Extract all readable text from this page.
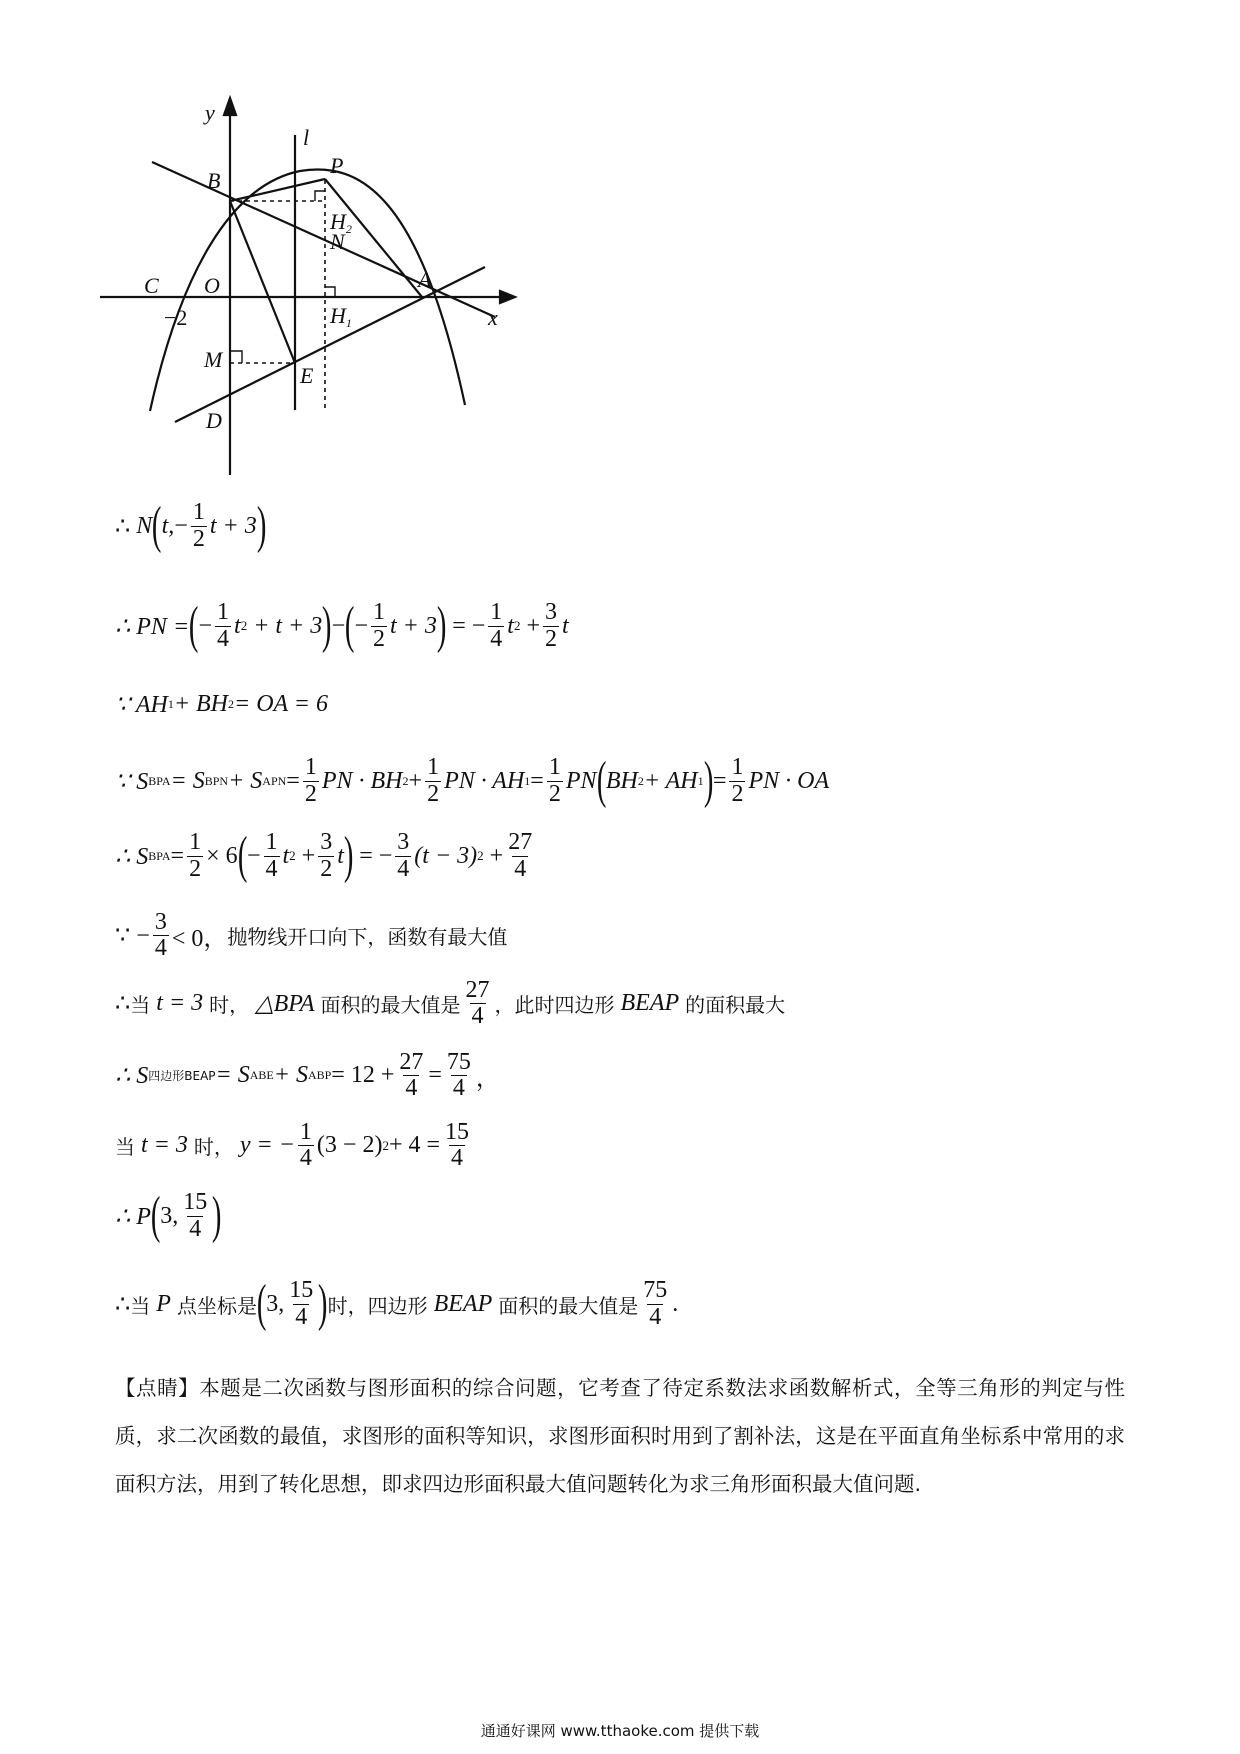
y
l
B
P
H2
N
C O	A
−2	H1	x
M
E
D
∴
N ( t, − $\frac{1}{2}$ t + 3 )
∴ PN = ( − $\frac{1}{4}$ t 2
+ t + 3 ) − ( − $\frac{1}{2}$ t + 3 )
= − $\frac{1}{4}$ t 2
+ $\frac{3}{2}$ t
∵ AH 1 + BH 2 = OA = 6
∵ S BPA = S BPN + S APN = $\frac{1}{2}$ PN · BH $2 + \frac{1}{2}$ PN · AH $1 = \frac{1}{2}$ PN ( BH 2 + AH 1 ) = $\frac{1}{2}$ PN · OA
∴ S BPA = $\frac{1}{2} \times 6$ ( − $\frac{1}{4}$ t 2
+ $\frac{3}{2}$ t )
= − $\frac{3}{4} (t - 3)$ 2
+ $\frac{27}{4}$
∵ − $\frac{3}{4} < 0$， 抛物线开口向下，函数有最大值
∴ 当
t = 3
时，
△BPA
面积的最大值是 $\frac{27}{4}$ ，此时四边形
BEAP
的面积最大
∴ S 四边形BEAP = S ABE + S ABP = $12 + \frac{27}{4} = \frac{75}{4}$ ，
当
t = 3
时，
y = − $\frac{1}{4} (3 - 2) 2 + 4 = \frac{15}{4}$
∴ P ( 3, $\frac{15}{4}$ )
∴ 当
P
点坐标是 ( 3, $\frac{15}{4}$ ) 时，四边形
BEAP
面积的最大值是 $\frac{75}{4}$ .
【点睛】本题是二次函数与图形面积的综合问题，它考查了待定系数法求函数解析式，全等三角形的判定与性质，求二次函数的最值，求图形的面积等知识，求图形面积时用到了割补法，这是在平面直角坐标系中常用的求面积方法，用到了转化思想，即求四边形面积最大值问题转化为求三角形面积最大值问题.
通通好课网 www.tthaoke.com 提供下载
